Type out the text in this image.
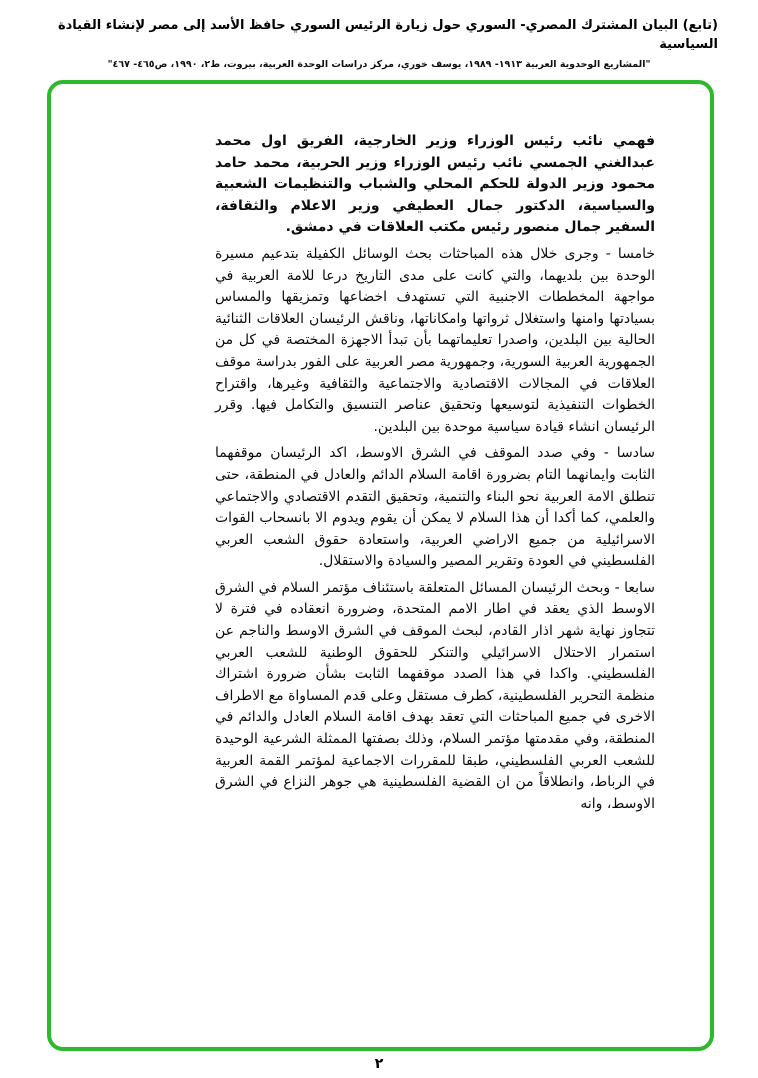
(تابع) البيان المشترك المصري- السوري حول زيارة الرئيس السوري حافظ الأسد إلى مصر لإنشاء القيادة السياسية
"المشاريع الوحدوية العربية ١٩١٣- ١٩٨٩، يوسف خوري، مركز دراسات الوحدة العربية، بيروت، ط٢، ١٩٩٠، ص٤٦٥- ٤٦٧"

فهمي نائب رئيس الوزراء وزير الخارجية، الفريق اول محمد عبدالغني الجمسي نائب رئيس الوزراء وزير الحربية، محمد حامد محمود وزير الدولة للحكم المحلي والشباب والتنظيمات الشعبية والسياسية، الدكتور جمال العطيفي وزير الاعلام والثقافة، السفير جمال منصور رئيس مكتب العلاقات في دمشق.

خامسا - وجرى خلال هذه المباحثات بحث الوسائل الكفيلة بتدعيم مسيرة الوحدة بين بلديهما، والتي كانت على مدى التاريخ درعا للامة العربية في مواجهة المخططات الاجنبية التي تستهدف اخضاعها وتمزيقها والمساس بسيادتها وامنها واستغلال ثرواتها وامكاناتها، وناقش الرئيسان العلاقات الثنائية الحالية بين البلدين، واصدرا تعليماتهما بأن تبدأ الاجهزة المختصة في كل من الجمهورية العربية السورية، وجمهورية مصر العربية على الفور بدراسة موقف العلاقات في المجالات الاقتصادية والاجتماعية والثقافية وغيرها، واقتراح الخطوات التنفيذية لتوسيعها وتحقيق عناصر التنسيق والتكامل فيها. وقرر الرئيسان انشاء قيادة سياسية موحدة بين البلدين.

سادسا - وفي صدد الموقف في الشرق الاوسط، اكد الرئيسان موقفهما الثابت وايمانهما التام بضرورة اقامة السلام الدائم والعادل في المنطقة، حتى تنطلق الامة العربية نحو البناء والتنمية، وتحقيق التقدم الاقتصادي والاجتماعي والعلمي، كما أكدا أن هذا السلام لا يمكن أن يقوم ويدوم الا بانسحاب القوات الاسرائيلية من جميع الاراضي العربية، واستعادة حقوق الشعب العربي الفلسطيني في العودة وتقرير المصير والسيادة والاستقلال.

سابعا - وبحث الرئيسان المسائل المتعلقة باستئناف مؤتمر السلام في الشرق الاوسط الذي يعقد في اطار الامم المتحدة، وضرورة انعقاده في فترة لا تتجاوز نهاية شهر اذار القادم، لبحث الموقف في الشرق الاوسط والناجم عن استمرار الاحتلال الاسرائيلي والتنكر للحقوق الوطنية للشعب العربي الفلسطيني. واكدا في هذا الصدد موقفهما الثابت بشأن ضرورة اشتراك منظمة التحرير الفلسطينية، كطرف مستقل وعلى قدم المساواة مع الاطراف الاخرى في جميع المباحثات التي تعقد بهدف اقامة السلام العادل والدائم في المنطقة، وفي مقدمتها مؤتمر السلام، وذلك بصفتها الممثلة الشرعية الوحيدة للشعب العربي الفلسطيني، طبقا للمقررات الاجماعية لمؤتمر القمة العربية في الرباط، وانطلاقاً من ان القضية الفلسطينية هي جوهر النزاع في الشرق الاوسط، وانه

٢
